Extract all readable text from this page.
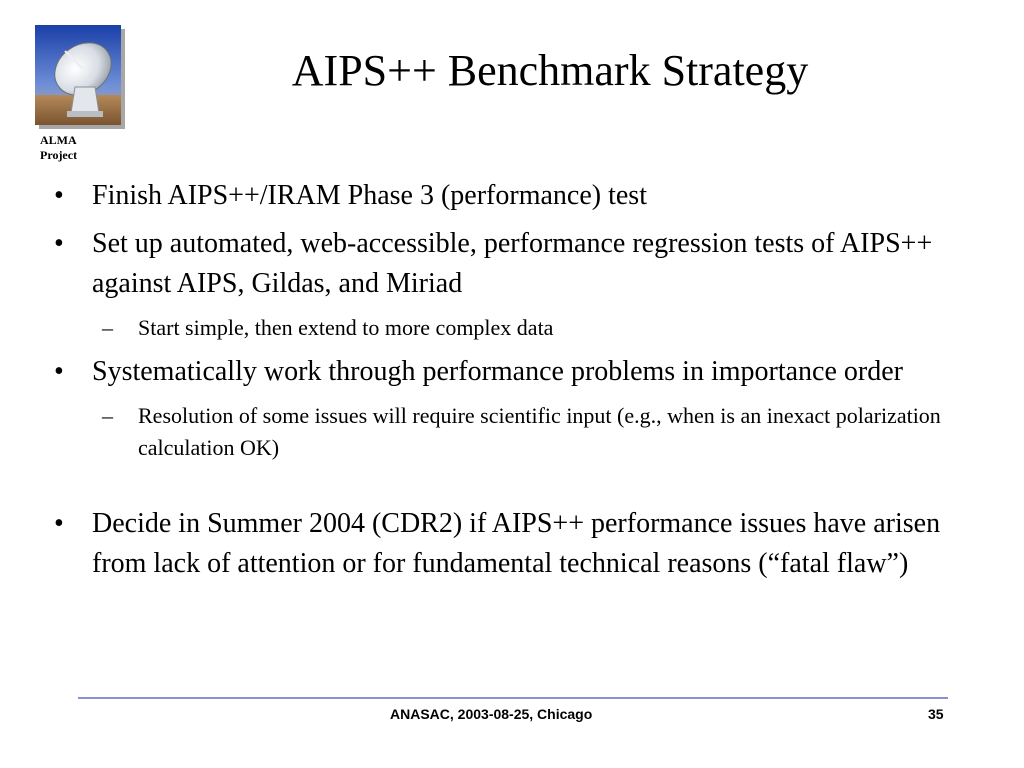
ALMA
Project
AIPS++ Benchmark Strategy
•	Finish AIPS++/IRAM Phase 3 (performance) test
•	Set up automated, web-accessible, performance regression tests of AIPS++ against AIPS, Gildas, and Miriad
– Start simple, then extend to more complex data
•	Systematically work through performance problems in importance order
– Resolution of some issues will require scientific input (e.g., when is an inexact polarization calculation OK)
•	Decide in Summer 2004 (CDR2) if AIPS++ performance issues have arisen from lack of attention or for fundamental technical reasons (“fatal flaw”)
ANASAC, 2003-08-25, Chicago	35
